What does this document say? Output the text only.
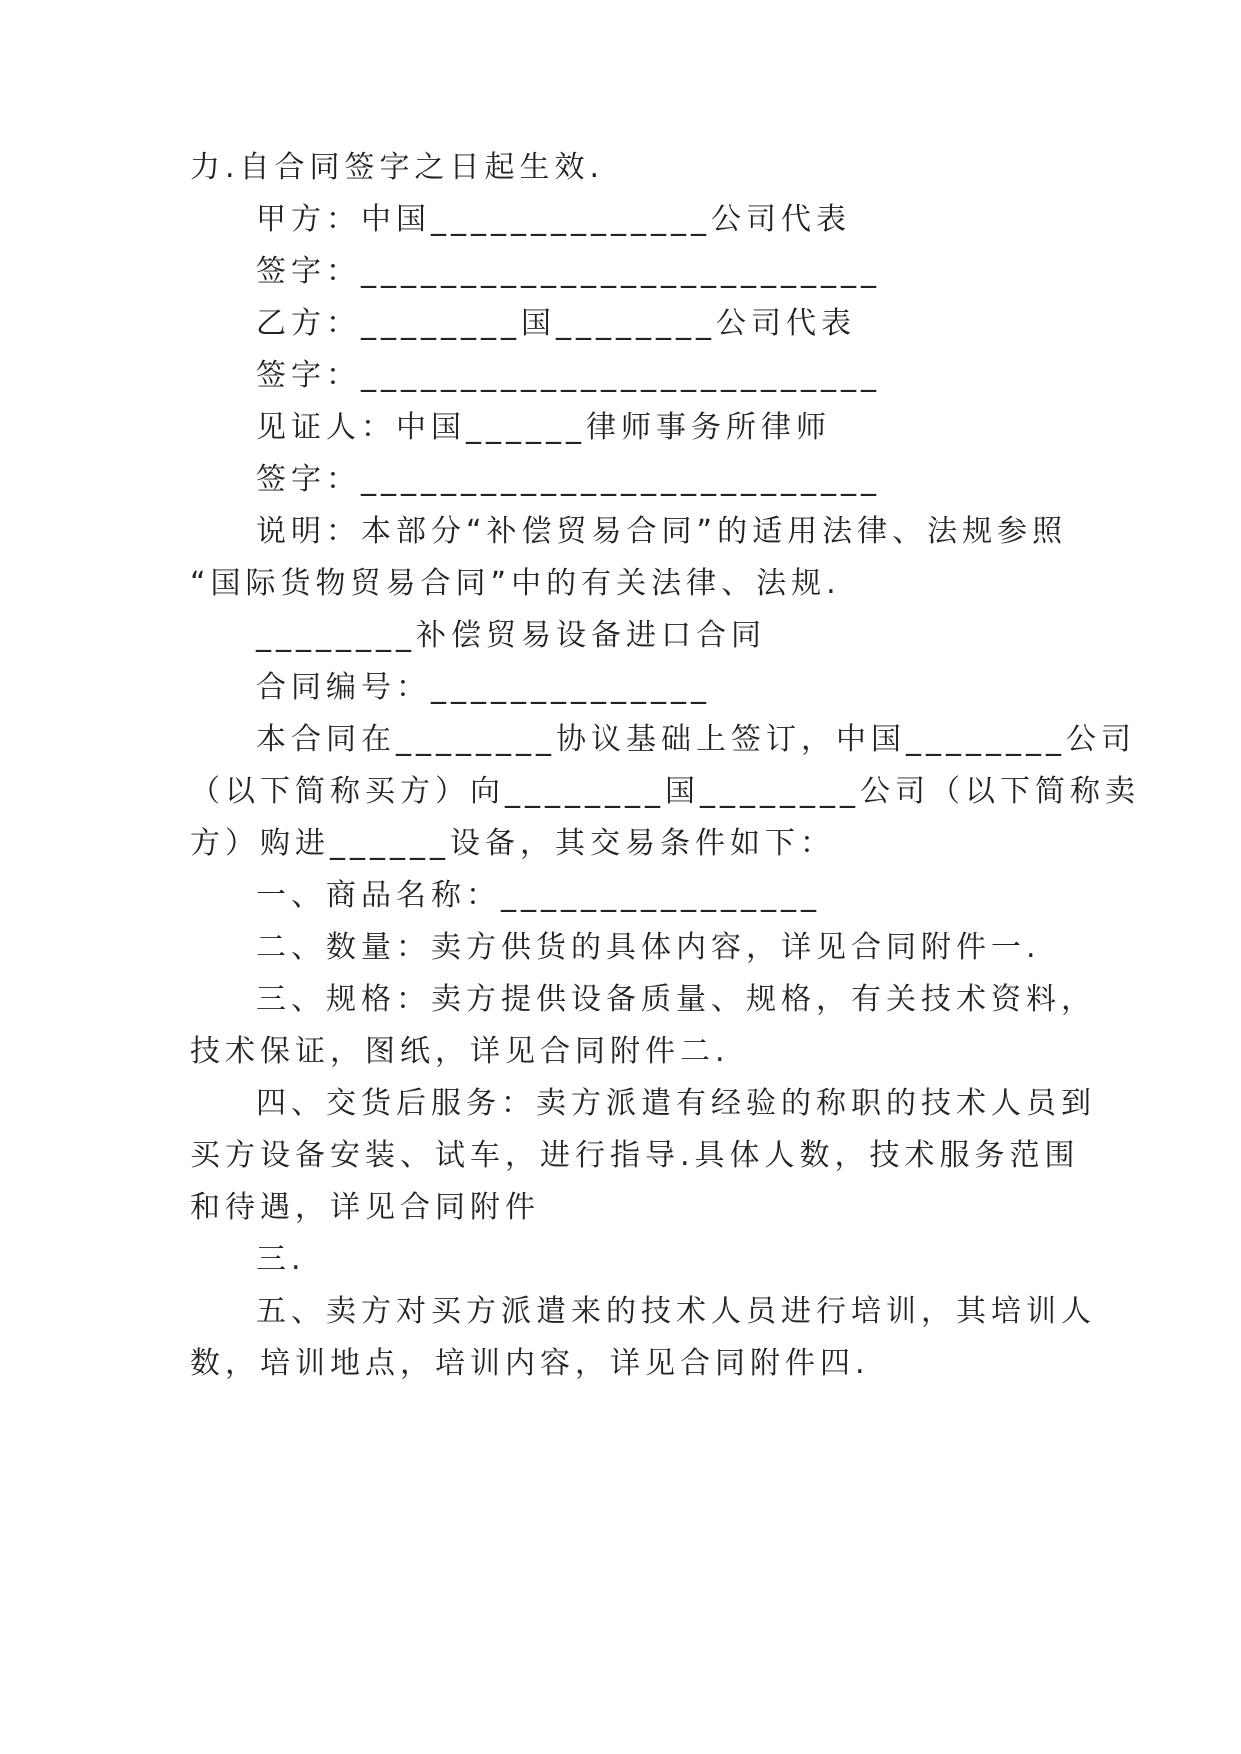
力.自合同签字之日起生效.
甲方：中国______________公司代表
签字：__________________________
乙方：________国________公司代表
签字：__________________________
见证人：中国______律师事务所律师
签字：__________________________
说明：本部分“补偿贸易合同”的适用法律、法规参照
“国际货物贸易合同”中的有关法律、法规.
________补偿贸易设备进口合同
合同编号：______________
本合同在________协议基础上签订，中国________公司
（以下简称买方）向________国________公司（以下简称卖
方）购进______设备，其交易条件如下：
一、商品名称：________________
二、数量：卖方供货的具体内容，详见合同附件一.
三、规格：卖方提供设备质量、规格，有关技术资料，
技术保证，图纸，详见合同附件二.
四、交货后服务：卖方派遣有经验的称职的技术人员到
买方设备安装、试车，进行指导.具体人数，技术服务范围
和待遇，详见合同附件
三.
五、卖方对买方派遣来的技术人员进行培训，其培训人
数，培训地点，培训内容，详见合同附件四.
